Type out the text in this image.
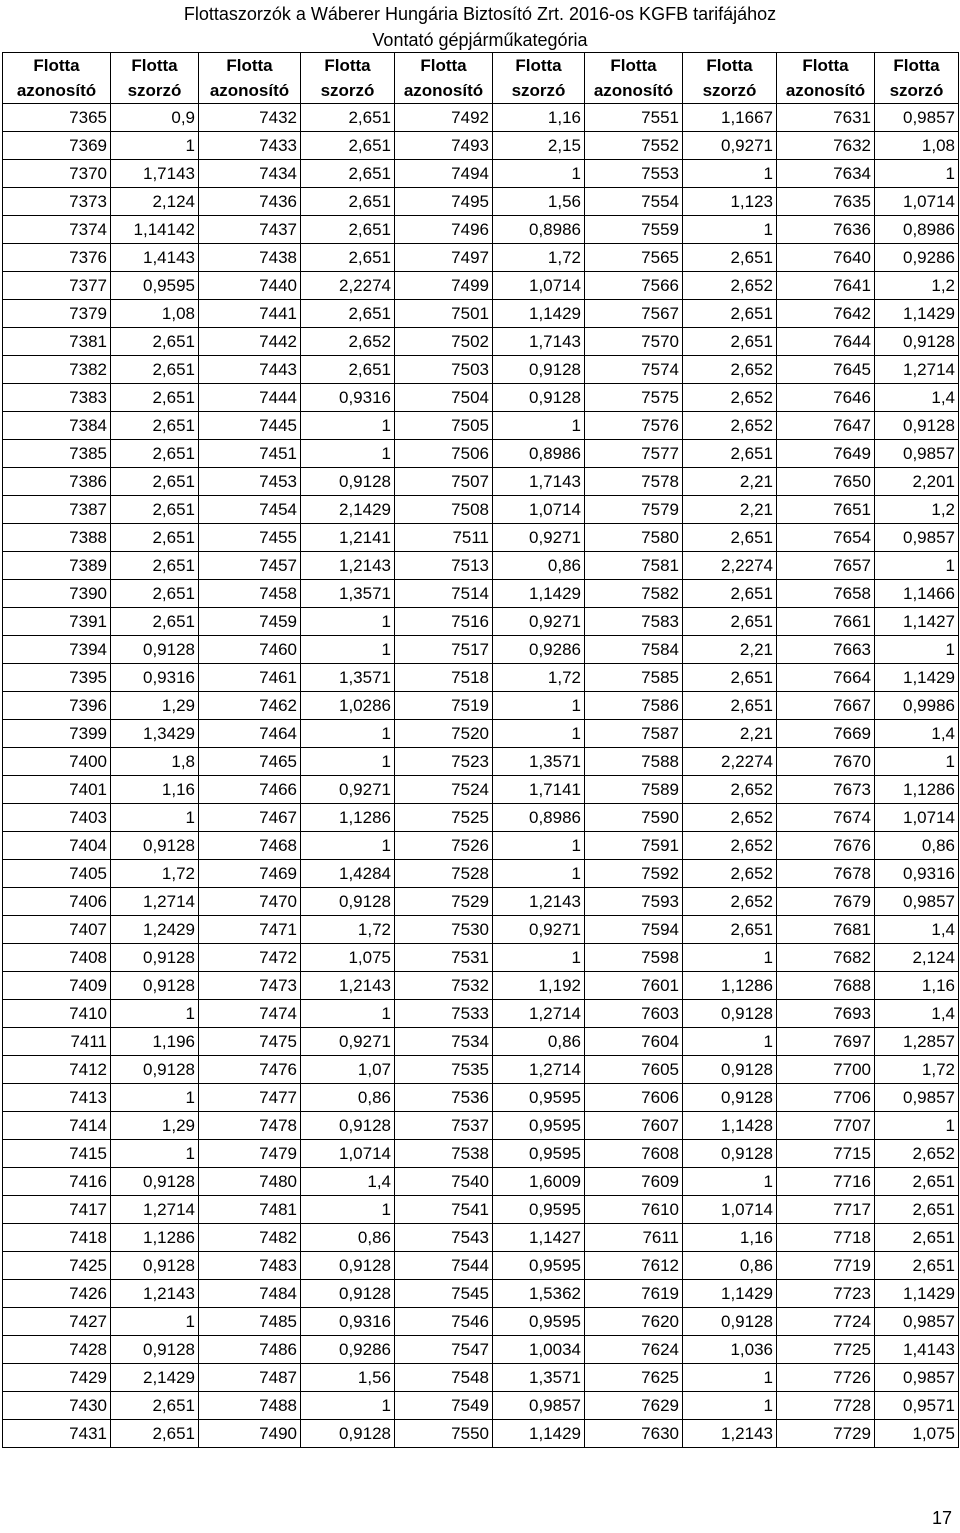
Flottaszorzók a Wáberer Hungária Biztosító Zrt. 2016-os KGFB tarifájához
Vontató gépjárműkategória
Flotta	Flotta	Flotta	Flotta	Flotta	Flotta	Flotta	Flotta	Flotta	Flotta
azonosító	szorzó	azonosító	szorzó	azonosító	szorzó	azonosító	szorzó	azonosító	szorzó
7365	0,9	7432	2,651	7492	1,16	7551	1,1667	7631	0,9857
7369	1	7433	2,651	7493	2,15	7552	0,9271	7632	1,08
7370	1,7143	7434	2,651	7494	1	7553	1	7634	1
7373	2,124	7436	2,651	7495	1,56	7554	1,123	7635	1,0714
7374	1,14142	7437	2,651	7496	0,8986	7559	1	7636	0,8986
7376	1,4143	7438	2,651	7497	1,72	7565	2,651	7640	0,9286
7377	0,9595	7440	2,2274	7499	1,0714	7566	2,652	7641	1,2
7379	1,08	7441	2,651	7501	1,1429	7567	2,651	7642	1,1429
7381	2,651	7442	2,652	7502	1,7143	7570	2,651	7644	0,9128
7382	2,651	7443	2,651	7503	0,9128	7574	2,652	7645	1,2714
7383	2,651	7444	0,9316	7504	0,9128	7575	2,652	7646	1,4
7384	2,651	7445	1	7505	1	7576	2,652	7647	0,9128
7385	2,651	7451	1	7506	0,8986	7577	2,651	7649	0,9857
7386	2,651	7453	0,9128	7507	1,7143	7578	2,21	7650	2,201
7387	2,651	7454	2,1429	7508	1,0714	7579	2,21	7651	1,2
7388	2,651	7455	1,2141	7511	0,9271	7580	2,651	7654	0,9857
7389	2,651	7457	1,2143	7513	0,86	7581	2,2274	7657	1
7390	2,651	7458	1,3571	7514	1,1429	7582	2,651	7658	1,1466
7391	2,651	7459	1	7516	0,9271	7583	2,651	7661	1,1427
7394	0,9128	7460	1	7517	0,9286	7584	2,21	7663	1
7395	0,9316	7461	1,3571	7518	1,72	7585	2,651	7664	1,1429
7396	1,29	7462	1,0286	7519	1	7586	2,651	7667	0,9986
7399	1,3429	7464	1	7520	1	7587	2,21	7669	1,4
7400	1,8	7465	1	7523	1,3571	7588	2,2274	7670	1
7401	1,16	7466	0,9271	7524	1,7141	7589	2,652	7673	1,1286
7403	1	7467	1,1286	7525	0,8986	7590	2,652	7674	1,0714
7404	0,9128	7468	1	7526	1	7591	2,652	7676	0,86
7405	1,72	7469	1,4284	7528	1	7592	2,652	7678	0,9316
7406	1,2714	7470	0,9128	7529	1,2143	7593	2,652	7679	0,9857
7407	1,2429	7471	1,72	7530	0,9271	7594	2,651	7681	1,4
7408	0,9128	7472	1,075	7531	1	7598	1	7682	2,124
7409	0,9128	7473	1,2143	7532	1,192	7601	1,1286	7688	1,16
7410	1	7474	1	7533	1,2714	7603	0,9128	7693	1,4
7411	1,196	7475	0,9271	7534	0,86	7604	1	7697	1,2857
7412	0,9128	7476	1,07	7535	1,2714	7605	0,9128	7700	1,72
7413	1	7477	0,86	7536	0,9595	7606	0,9128	7706	0,9857
7414	1,29	7478	0,9128	7537	0,9595	7607	1,1428	7707	1
7415	1	7479	1,0714	7538	0,9595	7608	0,9128	7715	2,652
7416	0,9128	7480	1,4	7540	1,6009	7609	1	7716	2,651
7417	1,2714	7481	1	7541	0,9595	7610	1,0714	7717	2,651
7418	1,1286	7482	0,86	7543	1,1427	7611	1,16	7718	2,651
7425	0,9128	7483	0,9128	7544	0,9595	7612	0,86	7719	2,651
7426	1,2143	7484	0,9128	7545	1,5362	7619	1,1429	7723	1,1429
7427	1	7485	0,9316	7546	0,9595	7620	0,9128	7724	0,9857
7428	0,9128	7486	0,9286	7547	1,0034	7624	1,036	7725	1,4143
7429	2,1429	7487	1,56	7548	1,3571	7625	1	7726	0,9857
7430	2,651	7488	1	7549	0,9857	7629	1	7728	0,9571
7431	2,651	7490	0,9128	7550	1,1429	7630	1,2143	7729	1,075
17
